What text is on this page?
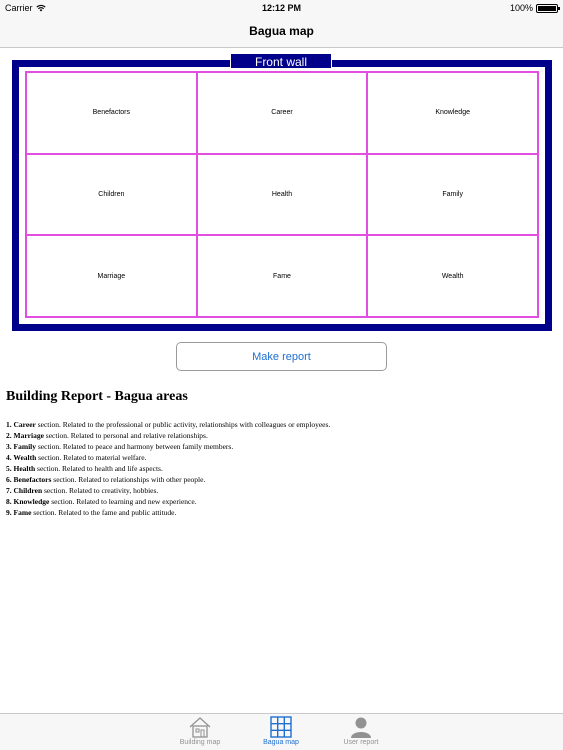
Carrier	12:12 PM	100%
Bagua map
Front wall
Benefactors	Career	Knowledge
Children	Health	Family
Marriage	Fame	Wealth
Make report
Building Report - Bagua areas
1. Career section. Related to the professional or public activity, relationships with colleagues or employees.
2. Marriage section. Related to personal and relative relationships.
3. Family section. Related to peace and harmony between family members.
4. Wealth section. Related to material welfare.
5. Health section. Related to health and life aspects.
6. Benefactors section. Related to relationships with other people.
7. Children section. Related to creativity, hobbies.
8. Knowledge section. Related to learning and new experience.
9. Fame section. Related to the fame and public attitude.
Building map	Bagua map	User report
